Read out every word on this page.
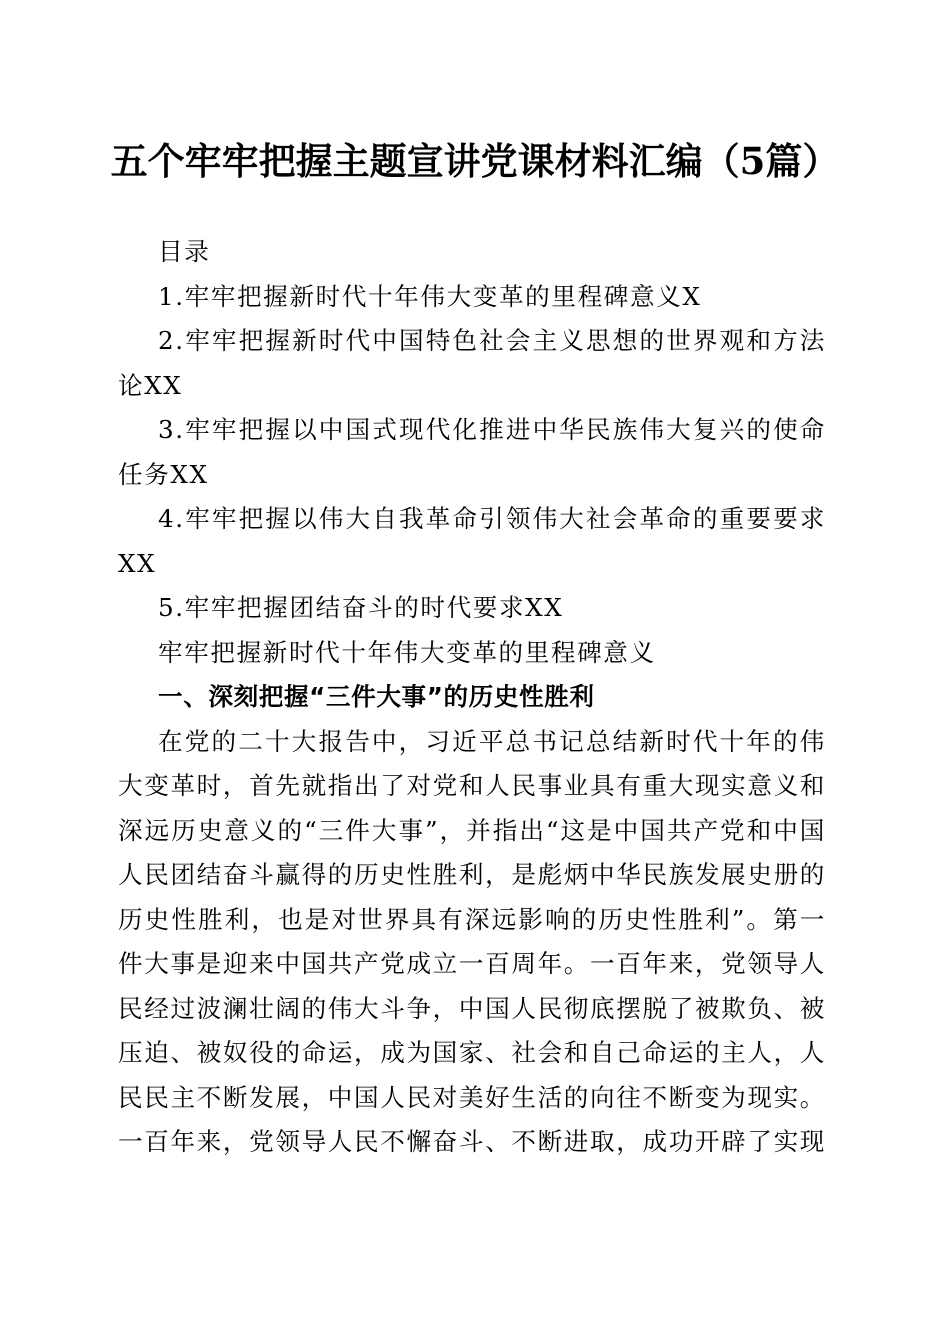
五个牢牢把握主题宣讲党课材料汇编（5篇）

目录

1.牢牢把握新时代十年伟大变革的里程碑意义X

2.牢牢把握新时代中国特色社会主义思想的世界观和方法论XX

3.牢牢把握以中国式现代化推进中华民族伟大复兴的使命任务XX

4.牢牢把握以伟大自我革命引领伟大社会革命的重要要求XX

5.牢牢把握团结奋斗的时代要求XX

牢牢把握新时代十年伟大变革的里程碑意义

一、深刻把握“三件大事”的历史性胜利

在党的二十大报告中，习近平总书记总结新时代十年的伟大变革时，首先就指出了对党和人民事业具有重大现实意义和深远历史意义的“三件大事”，并指出“这是中国共产党和中国人民团结奋斗赢得的历史性胜利，是彪炳中华民族发展史册的历史性胜利，也是对世界具有深远影响的历史性胜利”。第一件大事是迎来中国共产党成立一百周年。一百年来，党领导人民经过波澜壮阔的伟大斗争，中国人民彻底摆脱了被欺负、被压迫、被奴役的命运，成为国家、社会和自己命运的主人，人民民主不断发展，中国人民对美好生活的向往不断变为现实。一百年来，党领导人民不懈奋斗、不断进取，成功开辟了实现
